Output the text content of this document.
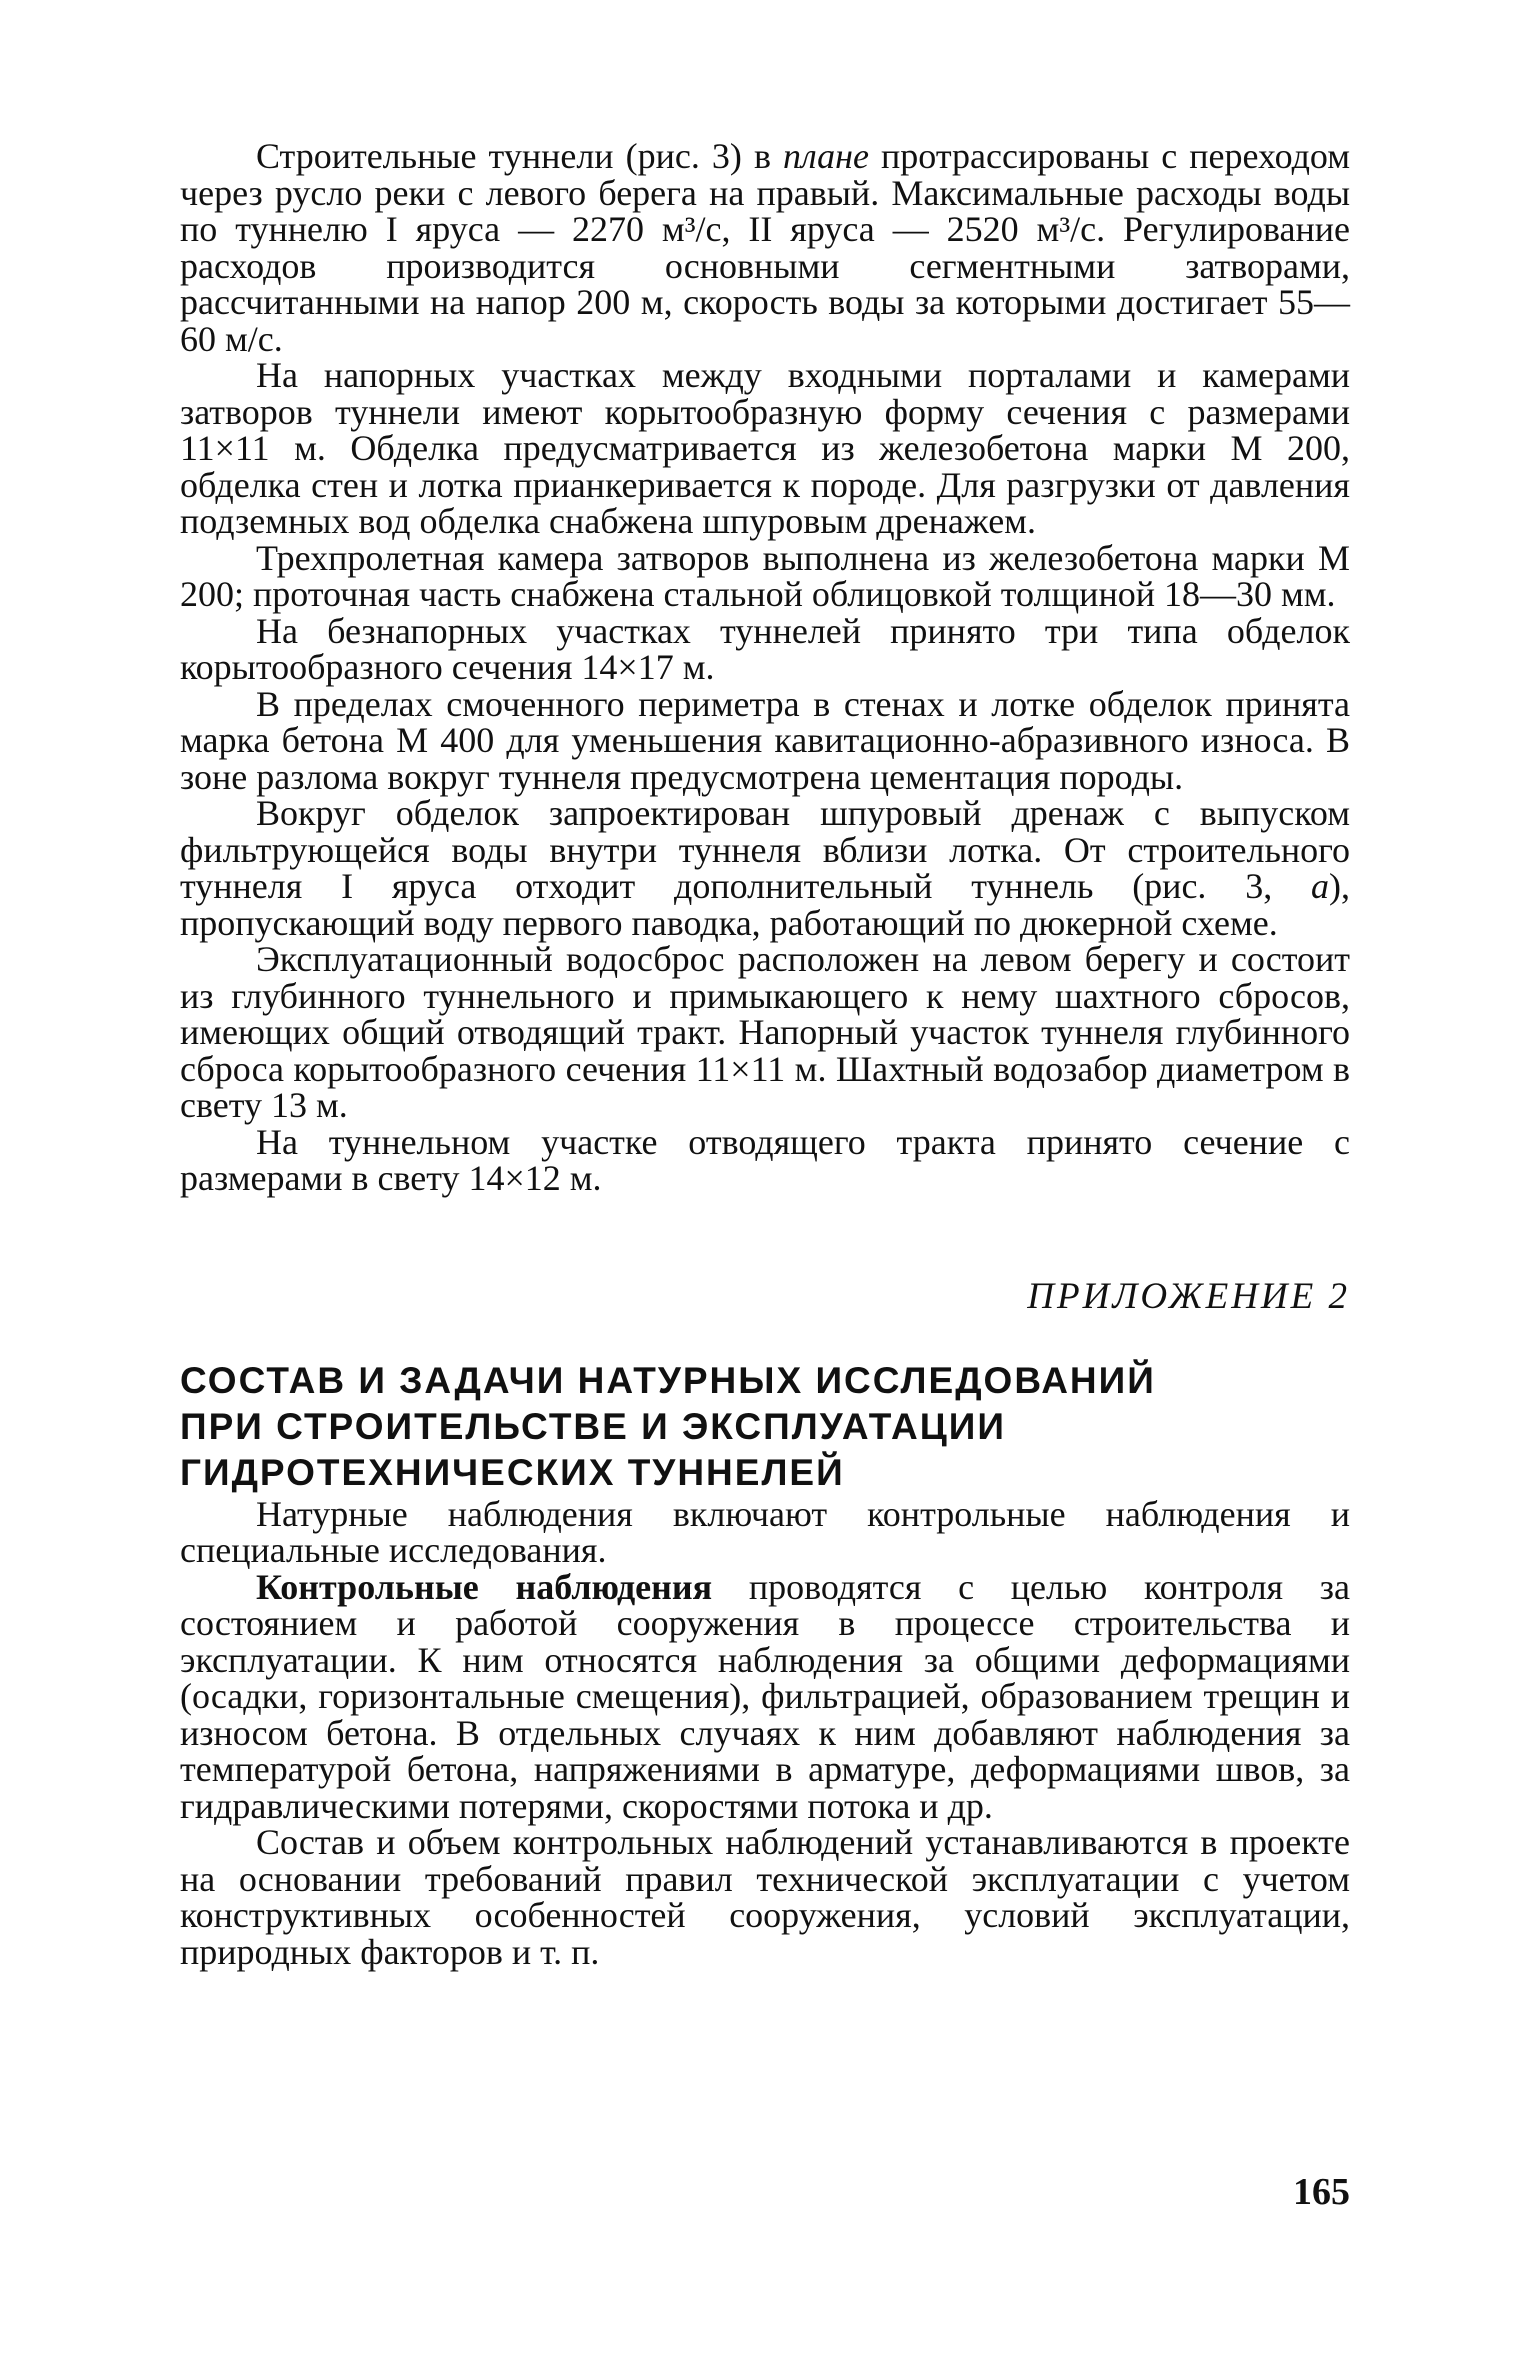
Строительные туннели (рис. 3) в плане протрассированы с переходом через русло реки с левого берега на правый. Максимальные расходы воды по туннелю I яруса — 2270 м³/с, II яруса — 2520 м³/с. Регулирование расходов производится основными сегментными затворами, рассчитанными на напор 200 м, скорость воды за которыми достигает 55—60 м/с.

На напорных участках между входными порталами и камерами затворов туннели имеют корытообразную форму сечения с размерами 11×11 м. Обделка предусматривается из железобетона марки М 200, обделка стен и лотка прианкеривается к породе. Для разгрузки от давления подземных вод обделка снабжена шпуровым дренажем.

Трехпролетная камера затворов выполнена из железобетона марки М 200; проточная часть снабжена стальной облицовкой толщиной 18—30 мм.

На безнапорных участках туннелей принято три типа обделок корытообразного сечения 14×17 м.

В пределах смоченного периметра в стенах и лотке обделок принята марка бетона М 400 для уменьшения кавитационно-абразивного износа. В зоне разлома вокруг туннеля предусмотрена цементация породы.

Вокруг обделок запроектирован шпуровый дренаж с выпуском фильтрующейся воды внутри туннеля вблизи лотка. От строительного туннеля I яруса отходит дополнительный туннель (рис. 3, а), пропускающий воду первого паводка, работающий по дюкерной схеме.

Эксплуатационный водосброс расположен на левом берегу и состоит из глубинного туннельного и примыкающего к нему шахтного сбросов, имеющих общий отводящий тракт. Напорный участок туннеля глубинного сброса корытообразного сечения 11×11 м. Шахтный водозабор диаметром в свету 13 м.

На туннельном участке отводящего тракта принято сечение с размерами в свету 14×12 м.

ПРИЛОЖЕНИЕ 2
СОСТАВ И ЗАДАЧИ НАТУРНЫХ ИССЛЕДОВАНИЙ
ПРИ СТРОИТЕЛЬСТВЕ И ЭКСПЛУАТАЦИИ
ГИДРОТЕХНИЧЕСКИХ ТУННЕЛЕЙ

Натурные наблюдения включают контрольные наблюдения и специальные исследования.

Контрольные наблюдения проводятся с целью контроля за состоянием и работой сооружения в процессе строительства и эксплуатации. К ним относятся наблюдения за общими деформациями (осадки, горизонтальные смещения), фильтрацией, образованием трещин и износом бетона. В отдельных случаях к ним добавляют наблюдения за температурой бетона, напряжениями в арматуре, деформациями швов, за гидравлическими потерями, скоростями потока и др.

Состав и объем контрольных наблюдений устанавливаются в проекте на основании требований правил технической эксплуатации с учетом конструктивных особенностей сооружения, условий эксплуатации, природных факторов и т. п.

165
